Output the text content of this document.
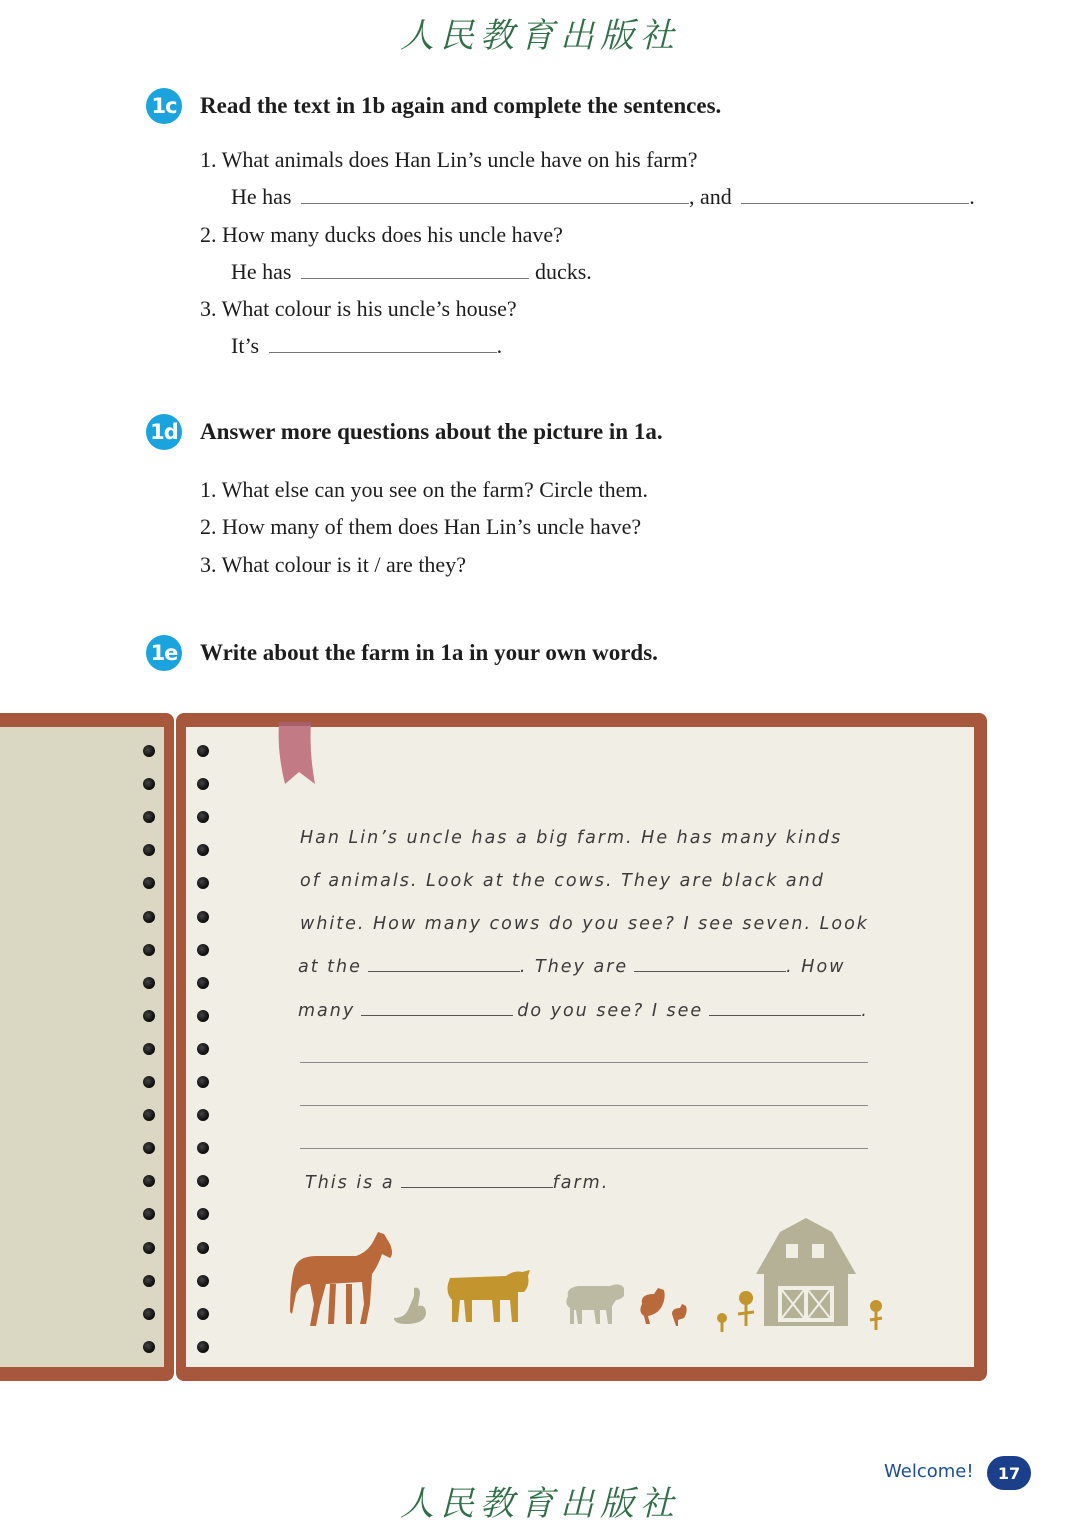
人民教育出版社
人民教育出版社
1c Read the text in 1b again and complete the sentences.
1. What animals does Han Lin’s uncle have on his farm?
He has	, and	.
2. How many ducks does his uncle have?
He has	ducks.
3. What colour is his uncle’s house?
It’s	.
1d Answer more questions about the picture in 1a.
1. What else can you see on the farm? Circle them.
2. How many of them does Han Lin’s uncle have?
3. What colour is it / are they?
1e Write about the farm in 1a in your own words.
Han Lin’s uncle has a big farm. He has many kinds
of animals. Look at the cows. They are black and
white. How many cows do you see? I see seven. Look
at the	. They are	. How
many	do you see? I see	.
This is a	farm.
Welcome!	17
